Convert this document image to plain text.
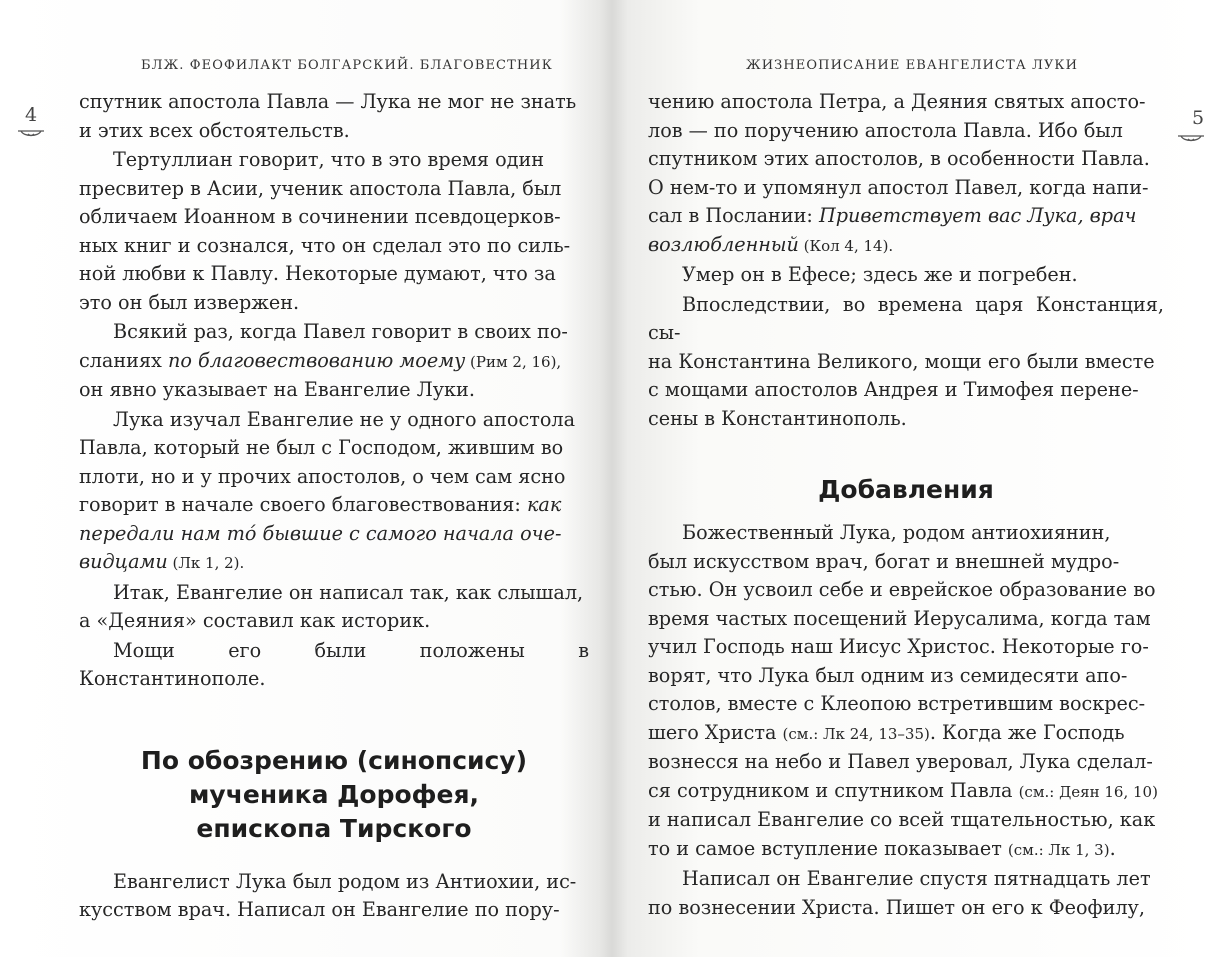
БЛЖ. ФЕОФИЛАКТ БОЛГАРСКИЙ. БЛАГОВЕСТНИК
4

спутник апостола Павла — Лука не мог не знать
и этих всех обстоятельств.

Тертуллиан говорит, что в это время один
пресвитер в Асии, ученик апостола Павла, был
обличаем Иоанном в сочинении псевдоцерков-
ных книг и сознался, что он сделал это по силь-
ной любви к Павлу. Некоторые думают, что за
это он был извержен.

Всякий раз, когда Павел говорит в своих по-
сланиях по благовествованию моему (Рим 2, 16),
он явно указывает на Евангелие Луки.

Лука изучал Евангелие не у одного апостола
Павла, который не был с Господом, жившим во
плоти, но и у прочих апостолов, о чем сам ясно
говорит в начале своего благовествования: как
передали нам то́ бывшие с самого начала оче-
видцами (Лк 1, 2).

Итак, Евангелие он написал так, как слышал,
а «Деяния» составил как историк.

Мощи его были положены в Константинополе.

По обозрению (синопсису)
мученика Дорофея,
епископа Тирского

Евангелист Лука был родом из Антиохии, ис-
кусством врач. Написал он Евангелие по пору-

ЖИЗНЕОПИСАНИЕ ЕВАНГЕЛИСТА ЛУКИ
5

чению апостола Петра, а Деяния святых апосто-
лов — по поручению апостола Павла. Ибо был
спутником этих апостолов, в особенности Павла.
О нем-то и упомянул апостол Павел, когда напи-
сал в Послании: Приветствует вас Лука, врач
возлюбленный (Кол 4, 14).

Умер он в Ефесе; здесь же и погребен.

Впоследствии, во времена царя Констанция, сы-
на Константина Великого, мощи его были вместе
с мощами апостолов Андрея и Тимофея перене-
сены в Константинополь.

Добавления

Божественный Лука, родом антиохиянин,
был искусством врач, богат и внешней мудро-
стью. Он усвоил себе и еврейское образование во
время частых посещений Иерусалима, когда там
учил Господь наш Иисус Христос. Некоторые го-
ворят, что Лука был одним из семидесяти апо-
столов, вместе с Клеопою встретившим воскрес-
шего Христа (см.: Лк 24, 13–35). Когда же Господь
вознесся на небо и Павел уверовал, Лука сделал-
ся сотрудником и спутником Павла (см.: Деян 16, 10)
и написал Евангелие со всей тщательностью, как
то и самое вступление показывает (см.: Лк 1, 3).

Написал он Евангелие спустя пятнадцать лет
по вознесении Христа. Пишет он его к Феофилу,
